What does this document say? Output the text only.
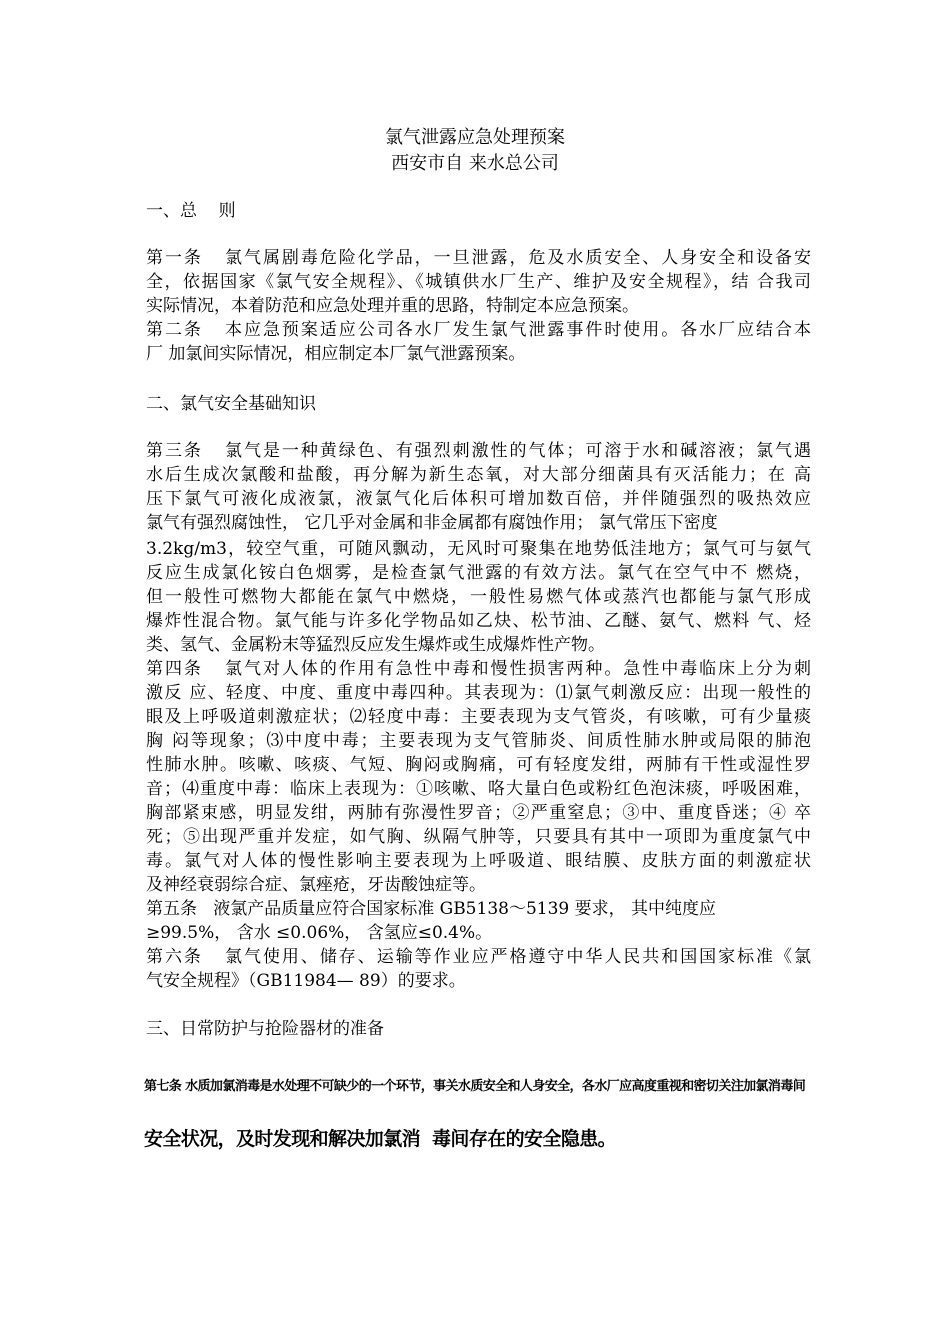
氯气泄露应急处理预案

西安市自 来水总公司

一、总    则

第一条   氯气属剧毒危险化学品，一旦泄露，危及水质安全、人身安全和设备安

全，依据国家《氯气安全规程》、《城镇供水厂生产、维护及安全规程》，结 合我司

实际情况，本着防范和应急处理并重的思路，特制定本应急预案。

第二条   本应急预案适应公司各水厂发生氯气泄露事件时使用。各水厂应结合本

厂 加氯间实际情况，相应制定本厂氯气泄露预案。

二、氯气安全基础知识

第三条   氯气是一种黄绿色、有强烈刺激性的气体；可溶于水和碱溶液；氯气遇

水后生成次氯酸和盐酸，再分解为新生态氧，对大部分细菌具有灭活能力；在 高

压下氯气可液化成液氯，液氯气化后体积可增加数百倍，并伴随强烈的吸热效应

氯气有强烈腐蚀性， 它几乎对金属和非金属都有腐蚀作用； 氯气常压下密度

3.2kg/m3，较空气重，可随风飘动，无风时可聚集在地势低洼地方；氯气可与氨气

反应生成氯化铵白色烟雾，是检查氯气泄露的有效方法。氯气在空气中不 燃烧，

但一般性可燃物大都能在氯气中燃烧，一般性易燃气体或蒸汽也都能与氯气形成

爆炸性混合物。氯气能与许多化学物品如乙炔、松节油、乙醚、氨气、燃料 气、烃

类、氢气、金属粉末等猛烈反应发生爆炸或生成爆炸性产物。

第四条   氯气对人体的作用有急性中毒和慢性损害两种。急性中毒临床上分为刺

激反 应、轻度、中度、重度中毒四种。其表现为：⑴氯气刺激反应：出现一般性的

眼及上呼吸道刺激症状；⑵轻度中毒：主要表现为支气管炎，有咳嗽，可有少量痰

胸 闷等现象；⑶中度中毒；主要表现为支气管肺炎、间质性肺水肿或局限的肺泡

性肺水肿。咳嗽、咳痰、气短、胸闷或胸痛，可有轻度发绀，两肺有干性或湿性罗

音；⑷重度中毒：临床上表现为：①咳嗽、咯大量白色或粉红色泡沫痰，呼吸困难，

胸部紧束感，明显发绀，两肺有弥漫性罗音；②严重窒息；③中、重度昏迷；④ 卒

死；⑤出现严重并发症，如气胸、纵隔气肿等，只要具有其中一项即为重度氯气中

毒。氯气对人体的慢性影响主要表现为上呼吸道、眼结膜、皮肤方面的刺激症状

及神经衰弱综合症、氯痤疮，牙齿酸蚀症等。

第五条   液氯产品质量应符合国家标准 GB5138～5139 要求， 其中纯度应

≥99.5%， 含水 ≤0.06%， 含氢应≤0.4%。

第六条   氯气使用、储存、运输等作业应严格遵守中华人民共和国国家标准《氯

气安全规程》（GB11984— 89）的要求。

三、日常防护与抢险器材的准备

第七条 水质加氯消毒是水处理不可缺少的一个环节，事关水质安全和人身安全，各水厂应高度重视和密切关注加氯消毒间

安全状况，及时发现和解决加氯消  毒间存在的安全隐患。
